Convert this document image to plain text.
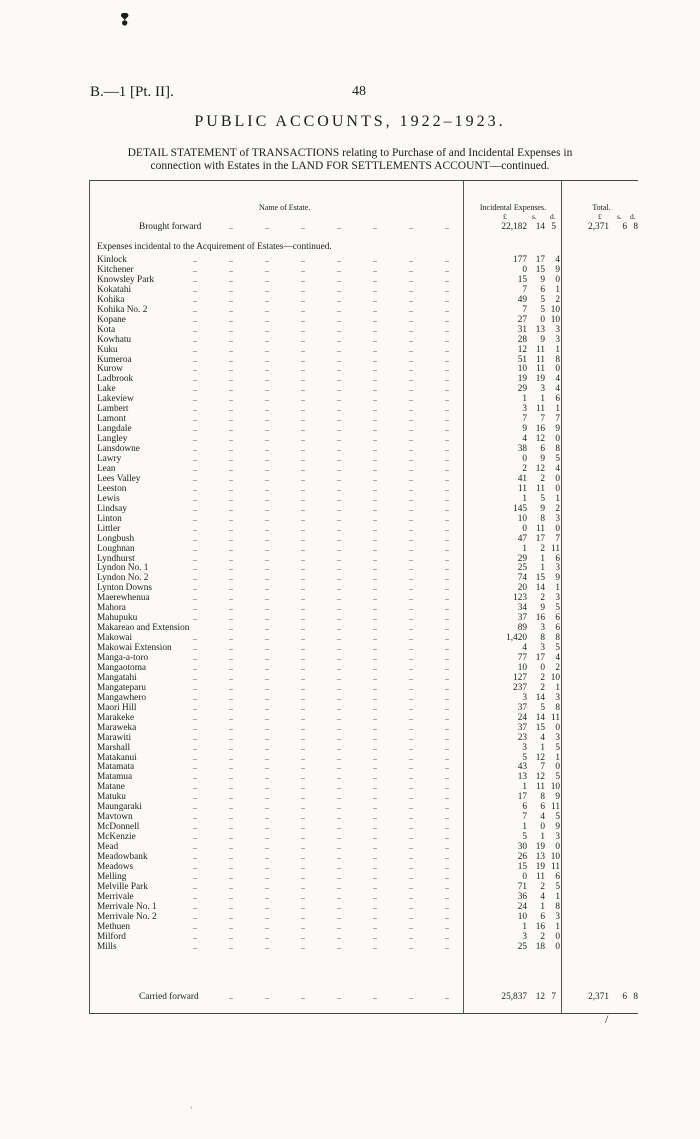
❢
B.—1 [Pt. II].	48
PUBLIC ACCOUNTS, 1922–1923.
DETAIL STATEMENT of TRANSACTIONS relating to Purchase of and Incidental Expenses in
connection with Estates in the LAND FOR SETTLEMENTS ACCOUNT—continued.
Name of Estate.	Incidental Expenses.	Total.
£	s. d.	£ s. d.
Brought forward	..	..	..	..	..	..	..	22,182 14 5	2,371	6 8
Expenses incidental to the Acquirement of Estates—continued.
Kinlock	..	..	..	..	..	..	..	..	177 17	4
Kitchener	..	..	..	..	..	..	..	..	0 15	9
Knowsley Park	..	..	..	..	..	..	..	..	15	9	0
Kokatahi	..	..	..	..	..	..	..	..	7	6	1
Kohika	..	..	..	..	..	..	..	..	49	5	2
Kohika No. 2	..	..	..	..	..	..	..	..	7	5 10
Kopane	..	..	..	..	..	..	..	..	27	0 10
Kota	..	..	..	..	..	..	..	..	31 13	3
Kowhatu	..	..	..	..	..	..	..	..	28	9	3
Kuku	..	..	..	..	..	..	..	..	12 11	1
Kumeroa	..	..	..	..	..	..	..	..	51 11	8
Kurow	..	..	..	..	..	..	..	..	10 11	0
Ladbrook	..	..	..	..	..	..	..	..	19 19	4
Lake	..	..	..	..	..	..	..	..	29	3	4
Lakeview	..	..	..	..	..	..	..	..	1	1	6
Lambert	..	..	..	..	..	..	..	..	3 11	1
Lamont	..	..	..	..	..	..	..	..	7	7	7
Langdale	..	..	..	..	..	..	..	..	9 16	9
Langley	..	..	..	..	..	..	..	..	4 12	0
Lansdowne	..	..	..	..	..	..	..	..	38	6	8
Lawry	..	..	..	..	..	..	..	..	0	9	5
Lean	..	..	..	..	..	..	..	..	2 12	4
Lees Valley	..	..	..	..	..	..	..	..	41	2	0
Leeston	..	..	..	..	..	..	..	..	11 11	0
Lewis	..	..	..	..	..	..	..	..	1	5	1
Lindsay	..	..	..	..	..	..	..	..	145	9	2
Linton	..	..	..	..	..	..	..	..	10	8	3
Littler	..	..	..	..	..	..	..	..	0 11	0
Longbush	..	..	..	..	..	..	..	..	47 17	7
Loughnan	..	..	..	..	..	..	..	..	1	2 11
Lyndhurst	..	..	..	..	..	..	..	..	29	1	6
Lyndon No. 1	..	..	..	..	..	..	..	..	25	1	3
Lyndon No. 2	..	..	..	..	..	..	..	..	74 15	9
Lynton Downs	..	..	..	..	..	..	..	..	20 14	1
Maerewhenua	..	..	..	..	..	..	..	..	123	2	3
Mahora	..	..	..	..	..	..	..	..	34	9	5
Mahupuku	..	..	..	..	..	..	..	..	37 16	6
Makareao and Extension	..	..	..	..	..	..	..	89	3	6
Makowai	..	..	..	..	..	..	..	..	1,420	8	8
Makowai Extension	..	..	..	..	..	..	..	..	4	3	5
Manga-a-toro	..	..	..	..	..	..	..	..	77 17	4
Mangaotoma	..	..	..	..	..	..	..	..	10	0	2
Mangatahi	..	..	..	..	..	..	..	..	127	2 10
Mangateparu	..	..	..	..	..	..	..	..	237	2	1
Mangawhero	..	..	..	..	..	..	..	..	3 14	3
Maori Hill	..	..	..	..	..	..	..	..	37	5	8
Marakeke	..	..	..	..	..	..	..	..	24 14 11
Maraweka	..	..	..	..	..	..	..	..	37 15	0
Marawiti	..	..	..	..	..	..	..	..	23	4	3
Marshall	..	..	..	..	..	..	..	..	3	1	5
Matakanui	..	..	..	..	..	..	..	..	5 12	1
Matamata	..	..	..	..	..	..	..	..	43	7	0
Matamua	..	..	..	..	..	..	..	..	13 12	5
Matane	..	..	..	..	..	..	..	..	1 11 10
Matuku	..	..	..	..	..	..	..	..	17	8	9
Maungaraki	..	..	..	..	..	..	..	..	6	6 11
Mavtown	..	..	..	..	..	..	..	..	7	4	5
McDonnell	..	..	..	..	..	..	..	..	1	0	9
McKenzie	..	..	..	..	..	..	..	..	5	1	3
Mead	..	..	..	..	..	..	..	..	30 19	0
Meadowbank	..	..	..	..	..	..	..	..	26 13 10
Meadows	..	..	..	..	..	..	..	..	15 19 11
Melling	..	..	..	..	..	..	..	..	0 11	6
Melville Park	..	..	..	..	..	..	..	..	71	2	5
Merrivale	..	..	..	..	..	..	..	..	36	4	1
Merrivale No. 1	..	..	..	..	..	..	..	..	24	1	8
Merrivale No. 2	..	..	..	..	..	..	..	..	10	6	3
Methuen	..	..	..	..	..	..	..	..	1 16	1
Milford	..	..	..	..	..	..	..	..	3	2	0
Mills	..	..	..	..	..	..	..	..	25 18	0
Carried forward	..	..	..	..	..	..	..	25,837 12 7	2,371	6 8
/
‘
